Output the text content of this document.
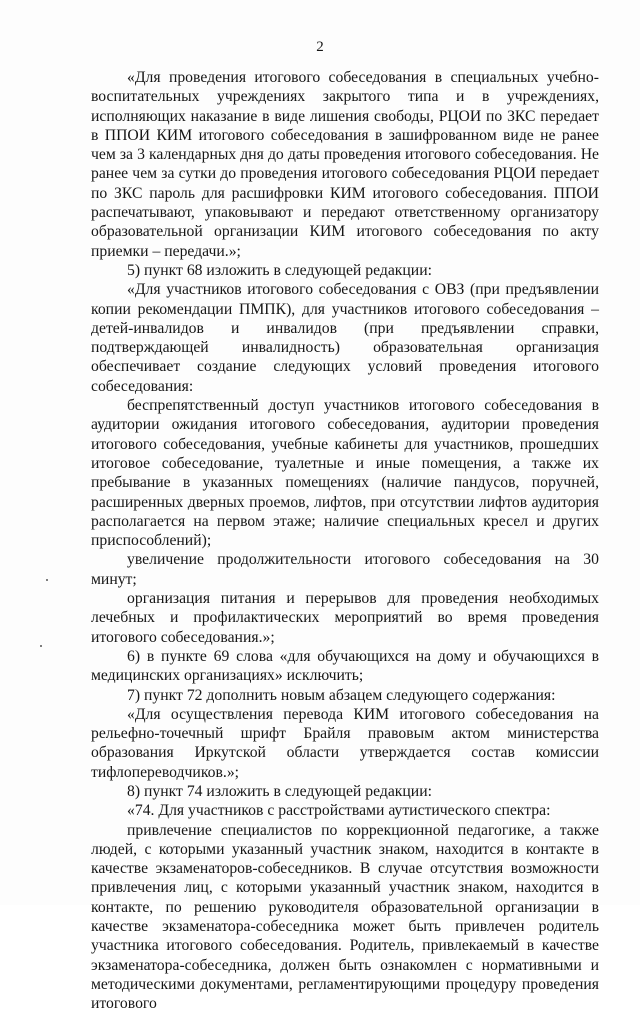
2

«Для проведения итогового собеседования в специальных учебно-воспитательных учреждениях закрытого типа и в учреждениях, исполняющих наказание в виде лишения свободы, РЦОИ по ЗКС передает в ППОИ КИМ итогового собеседования в зашифрованном виде не ранее чем за 3 календарных дня до даты проведения итогового собеседования. Не ранее чем за сутки до проведения итогового собеседования РЦОИ передает по ЗКС пароль для расшифровки КИМ итогового собеседования. ППОИ распечатывают, упаковывают и передают ответственному организатору образовательной организации КИМ итогового собеседования по акту приемки – передачи.»;

5) пункт 68 изложить в следующей редакции:

«Для участников итогового собеседования с ОВЗ (при предъявлении копии рекомендации ПМПК), для участников итогового собеседования – детей-инвалидов и инвалидов (при предъявлении справки, подтверждающей инвалидность) образовательная организация обеспечивает создание следующих условий проведения итогового собеседования:

беспрепятственный доступ участников итогового собеседования в аудитории ожидания итогового собеседования, аудитории проведения итогового собеседования, учебные кабинеты для участников, прошедших итоговое собеседование, туалетные и иные помещения, а также их пребывание в указанных помещениях (наличие пандусов, поручней, расширенных дверных проемов, лифтов, при отсутствии лифтов аудитория располагается на первом этаже; наличие специальных кресел и других приспособлений);

увеличение продолжительности итогового собеседования на 30 минут;

организация питания и перерывов для проведения необходимых лечебных и профилактических мероприятий во время проведения итогового собеседования.»;

6) в пункте 69 слова «для обучающихся на дому и обучающихся в медицинских организациях» исключить;

7) пункт 72 дополнить новым абзацем следующего содержания:

«Для осуществления перевода КИМ итогового собеседования на рельефно-точечный шрифт Брайля правовым актом министерства образования Иркутской области утверждается состав комиссии тифлопереводчиков.»;

8) пункт 74 изложить в следующей редакции:

«74. Для участников с расстройствами аутистического спектра:

привлечение специалистов по коррекционной педагогике, а также людей, с которыми указанный участник знаком, находится в контакте в качестве экзаменаторов-собеседников. В случае отсутствия возможности привлечения лиц, с которыми указанный участник знаком, находится в контакте, по решению руководителя образовательной организации в качестве экзаменатора-собеседника может быть привлечен родитель участника итогового собеседования. Родитель, привлекаемый в качестве экзаменатора-собеседника, должен быть ознакомлен с нормативными и методическими документами, регламентирующими процедуру проведения итогового
